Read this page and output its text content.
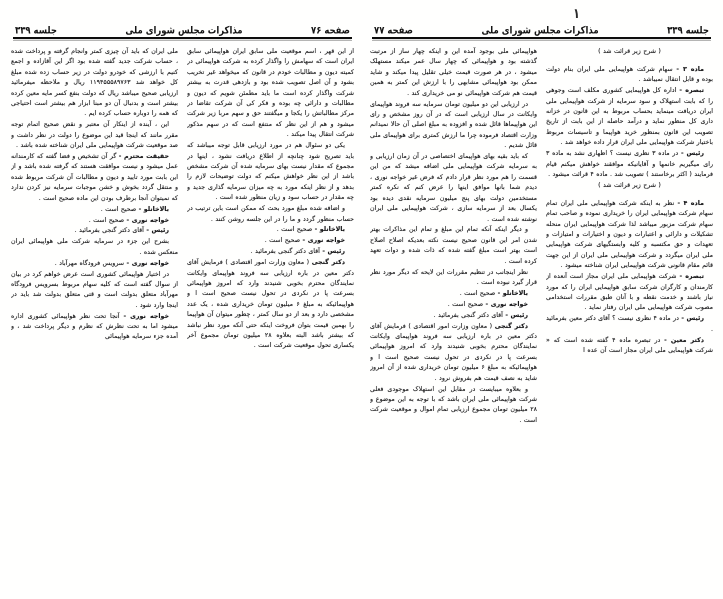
۱
جلسه ۳۳۹
مذاکرات مجلس شورای ملی
صفحه ۷۷

( شرح زیر قرائت شد )

ماده ۳ - سهام شرکت هواپیمایی ملی ایران بنام دولت بوده و قابل انتقال نمیباشد .

تبصره - اداره کل هواپیمایی کشوری مکلف است وجوهی را که بابت استهلاک و سود سرمایه از شرکت هواپیمایی ملی ایران دریافت مینماید بحساب مربوط به این قانون در خزانه داری کل منظور نماید و درآمد حاصله از این بابت از تاریخ تصویب این قانون بمنظور خرید هواپیما و تاسیسات مربوط باختیار شرکت هواپیمایی ملی ایران قرار داده خواهد شد .

رئیس - در ماده ۳ نظری نیست ؟ اظهاری نشد به ماده ۳ رای میگیریم خانمها و آقایانیکه موافقند خواهش میکنم قیام فرمایند ( اکثر برخاستند ) تصویب شد . ماده ۴ قرائت میشود .

( شرح زیر قرائت شد )

ماده ۴ - نظر به اینکه شرکت هواپیمایی ملی ایران تمام سهام شرکت هواپیمایی ایران را خریداری نموده و صاحب تمام سهام شرکت مزبور میباشد لذا شرکت هواپیمایی ایران منحله تشکیلات و دارائی و اعتبارات و دیون و اختیارات و امتیازات و تعهدات و حق مکتسبه و کلیه وابستگیهای شرکت هواپیمایی ملی ایران میگردد و شرکت هواپیمایی ملی ایران از این جهت قائم مقام قانونی شرکت هواپیمایی ایران شناخته میشود .

تبصره - شرکت هواپیمایی ملی ایران مجاز است آنعده از کارمندان و کارگران شرکت سابق هواپیمایی ایران را که مورد نیاز باشند و خدمت نقطه و با آنان طبق مقررات استخدامی مصوب شرکت هواپیمایی ملی ایران رفتار نماید .

رئیس - در ماده ۴ نظری نیست ؟ آقای دکتر معین بفرمائید .

دکتر معین - در تبصره ماده ۴ گفته شده است که « شرکت هواپیمایی ملی ایران مجاز است آن عده ا

هواپیمائی ملی بوجود آمده این و اینکه چهار ساز از مرتبت گذشته بود و هواپیمائی که چهار سال عمر میکند مستهلک میشود ، در هر صورت قیمت خیلی تقلیل پیدا میکند و شاید ممکن بود هواپیمائی مشابهی را با ارزش این کمتر به همین قیمت هم شرکت هواپیمائی نو می خریداری کند .

در ارزیابی این دو میلیون تومان سرمایه سه فروند هواپیمای وایکانت در سال ارزیابی است که در آن روز مشخص و رای این هواپیماها قائل شده و افزوده به مبلغ اصلی آن حالا نمیدانم وزارت اقتصاد فرموده چرا ما ارزش کمتری برای هواپیمای ملی قائل شدیم .

که باید بقیه بهای هواپیمای اختصاصی در آن زمان ارزیابی و به سرمایه شرکت هواپیمایی ملی اضافه میشد که من این قسمت را هم مورد نظر قرار دادم که فرض غیر خواجه نوری ، دیدم شما بانها موافق اینها را عرض کنم که نکره کمتر مستخدمین دولت بهای پنج میلیون سرمایه نقدی دیده بود یکسال بعد از سرمایه سازی ، شرکت هواپیمایی ملی ایران نوشته شده است .

و دیگر اینکه آنکه تمام این مبلغ و تمام این مذاکرات بهتر شدن امر این قانون صحیح نیست نکته بعدیکه اصلاح اصلاح است بهتر است مبلغ گفته شده که ذات شده و دوات تعهد کرده است .

نظر اینجانب در تنظیم مقررات این لایحه که دیگر مورد نظر قرار گیرد نبوده است .

بالاخانلو - صحیح است .

خواجه نوری - صحیح است .

رئیس - آقای دکتر گنجی بفرمائید .

دکتر گنجی ( معاون وزارت امور اقتصادی ) فرمایش آقای دکتر معین در باره ارزیابی سه فروند هواپیمای وایکانت نمایندگان محترم بخوبی شنیدند وارد که امروز هواپیمائی بسرعت پا در نکردی در تحول نیست صحیح است ا و هواپیمائیکه به مبلغ ۶ میلیون تومان خریداری شده از آن امروز شاید به نصف قیمت هم بفروش نرود .

و بعلاوه میبایست در مقابل این استهلاک موجودی فعلی شرکت هواپیمائی ملی ایران باشد که با توجه به این موضوع و ۲۸ میلیون تومان مجموع ارزیابی تمام اموال و موقعیت شرکت است .

صفحه ۷۶
مذاکرات مجلس شورای ملی
جلسه ۳۳۹

از این قهر ، اسم موقعیت ملی سابق ایران هواپیمائی سابق ایران است که سهامش را واگذار کرده به شرکت هواپیمائی در کمیته دیون و مطالبات خودم در قانون که میخواهد غیر تخریب بشود و آن اصل تصویب شده بود و بازدهی قدرت به بیشتر شرکت واگذار کرده است ما باید مطمئن شویم که دیون و مطالبات و دارائی چه بوده و فکر کی آن شرکت تقاضا در مرکز مطالباتش را یکجا و میگفتند حق و سهم مربا زیر شرکت میشود و هم از این نظر که منتفع است که در سهم مذکور شرکت انتقال پیدا میکند .

یکی دو سئوال هم در مورد ارزیابی قابل توجه میباشد که باید تصریح شود چنانچه از اطلاع دریافت نشود ، اینها در مجموع که مقدار نیست بهای سرمایه شده آن شرکت مشخص باشد از این نظر خواهش میکنم که دولت توضیحات لازم را بدهد و از نظر اینکه مورد به چه میزان سرمایه گذاری جدید و چه مقدار در حساب سود و زیان منظور شده است .

و اضافه شده مبلغ مورد بحث که ممکن است باین ترتیب در حساب منظور گردد و ما را در این جلسه روشن کنند .

بالاخانلو - صحیح است .

خواجه نوری - صحیح است .

رئیس - آقای دکتر گنجی بفرمائید .

دکتر گنجی ( معاون وزارت امور اقتصادی ) فرمایش آقای دکتر معین در باره ارزیابی سه فروند هواپیمای وایکانت نمایندگان محترم بخوبی شنیدند وارد که امروز هواپیمائی بسرعت پا در نکردی در تحول نیست صحیح است ا و هواپیمائیکه به مبلغ ۶ میلیون تومان خریداری شده ، یک عدد مشخصی دارد و بعد از دو سال کمتر ، چطور میتوان آن هواپیما را بهمین قیمت بتوان فروخت اینکه حتی آنکه مورد نظر نباشد که بیشتر باشد البته بعلاوه ۲۸ میلیون تومان مجموع آخر یکساری تحول موقعیت شرکت است .

ملی ایران که باید آن چیزی کمتر وانجام گرفته و پرداخت شده ، حساب شرکت جدید گفته شده بود اگر این آقازاده و اجمع کنیم با ارزشی که خودرو دولت در زیر حساب زده شده مبلغ کل خواهد شد ۱۱۹۴۵۵۵۸۹۷۶۳ ریال و ملاحظه میفرمائید ارزیابی صحیح میباشد ریال که دولت بنفع کسر مایه معین کرده بیشتر است و بدنبال آن دو مبنا ابزار هم بیشتر است احتیاجی که همه را دوباره حساب کرده ایم .

این ، آینده از اینکار آن معتبر و نقض صحیح اتمام توجه مقرر مانند که اینجا قید این موضوع را دولت در نظر داشت و صد موقعیت شرکت هواپیمایی ملی ایران شناخته شده باشد .

حقیقت محترم - گر آن تشخیص و فضا گفته که کارمندانه عمل میشود و نیست موافقت هستند که گرفته شده باشد و از این بابت مورد تایید و دیون و مطالبات آن شرکت مربوط شده و منتقل گردد بخوش و خشن موجبات سرمایه نیز کردن ندارد که نمیتوان آنجا برطرف بودن این ماده صحیح است .

بالاخانلو - صحیح است .

خواجه نوری - صحیح است .

رئیس - آقای دکتر گنجی بفرمائید .

بشرح این جزء در سرمایه شرکت ملی هواپیمائی ایران منعکس شده .

خواجه نوری - سرویس فرودگاه مهرآباد .

در اختیار هواپیمائی کشوری است عرض خواهم کرد در بیان از سوال گفته است که کلیه سهام مربوط بسرویس فرودگاه مهرآباد متعلق بدولت است و قتی متعلق بدولت شد باید در اینجا وارد شود .

خواجه نوری - آنجا تحت نظر هواپیمائی کشوری اداره میشود اما به تحت نظرش که نظرم و دیگر پرداخت شد ، و آمده جزء سرمایه هواپیمائی
